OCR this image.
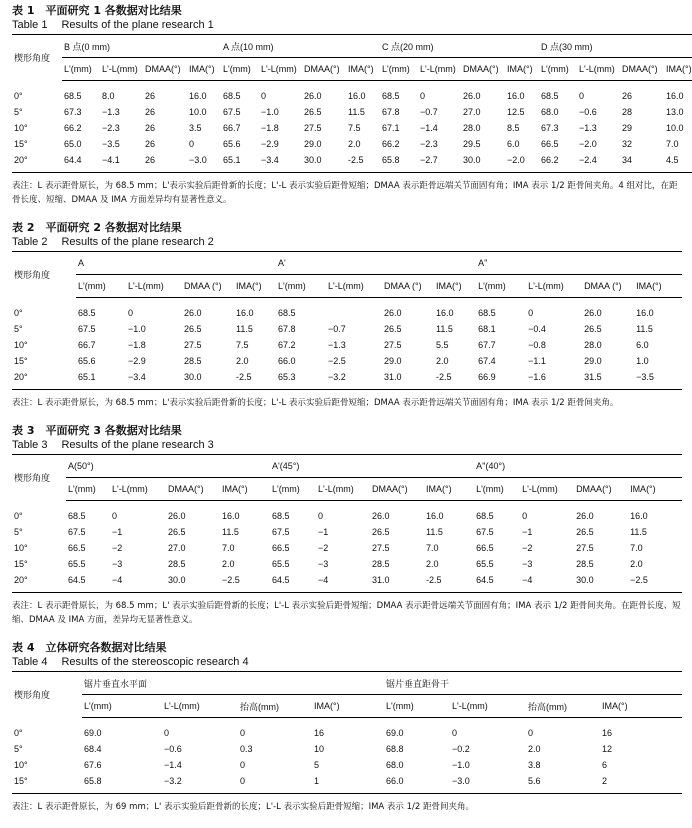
表 1　平面研究 1 各数据对比结果
Table 1 Results of the plane research 1
楔形角度	B 点(0 mm)				A 点(10 mm)				C 点(20 mm)				D 点(30 mm)			
	L'(mm)	L'-L(mm)	DMAA(°)	IMA(°)	L'(mm)	L'-L(mm)	DMAA(°)	IMA(°)	L'(mm)	L'-L(mm)	DMAA(°)	IMA(°)	L'(mm)	L'-L(mm)	DMAA(°)	IMA(°)
0°	68.5	8.0	26	16.0	68.5	0	26.0	16.0	68.5	0	26.0	16.0	68.5	0	26	16.0
5°	67.3	−1.3	26	10.0	67.5	−1.0	26.5	11.5	67.8	−0.7	27.0	12.5	68.0	−0.6	28	13.0
10°	66.2	−2.3	26	3.5	66.7	−1.8	27.5	7.5	67.1	−1.4	28.0	8.5	67.3	−1.3	29	10.0
15°	65.0	−3.5	26	0	65.6	−2.9	29.0	2.0	66.2	−2.3	29.5	6.0	66.5	−2.0	32	7.0
20°	64.4	−4.1	26	−3.0	65.1	−3.4	30.0	-2.5	65.8	−2.7	30.0	−2.0	66.2	−2.4	34	4.5
表注：L 表示距骨原长，为 68.5 mm；L'表示实验后距骨新的长度；L'-L 表示实验后距骨短缩；DMAA 表示距骨远端关节面固有角；IMA 表示 1/2 距骨间夹角。4 组对比，在距骨长度、短缩、DMAA 及 IMA 方面差异均有显著性意义。
表 2　平面研究 2 各数据对比结果
Table 2 Results of the plane research 2
楔形角度	A				A'				A''			
	L'(mm)	L'-L(mm)	DMAA (°)	IMA(°)	L'(mm)	L'-L(mm)	DMAA (°)	IMA(°)	L'(mm)	L'-L(mm)	DMAA (°)	IMA(°)
0°	68.5	0	26.0	16.0	68.5		26.0	16.0	68.5	0	26.0	16.0
5°	67.5	−1.0	26.5	11.5	67.8	−0.7	26.5	11.5	68.1	−0.4	26.5	11.5
10°	66.7	−1.8	27.5	7.5	67.2	−1.3	27.5	5.5	67.7	−0.8	28.0	6.0
15°	65.6	−2.9	28.5	2.0	66.0	−2.5	29.0	2.0	67.4	−1.1	29.0	1.0
20°	65.1	−3.4	30.0	-2.5	65.3	−3.2	31.0	-2.5	66.9	−1.6	31.5	−3.5
表注：L 表示距骨原长，为 68.5 mm；L'表示实验后距骨新的长度；L'-L 表示实验后距骨短缩；DMAA 表示距骨远端关节面固有角；IMA 表示 1/2 距骨间夹角。
表 3　平面研究 3 各数据对比结果
Table 3 Results of the plane research 3
楔形角度	A(50°)				A'(45°)				A''(40°)			
	L'(mm)	L'-L(mm)	DMAA(°)	IMA(°)	L'(mm)	L'-L(mm)	DMAA(°)	IMA(°)	L'(mm)	L'-L(mm)	DMAA(°)	IMA(°)
0°	68.5	0	26.0	16.0	68.5	0	26.0	16.0	68.5	0	26.0	16.0
5°	67.5	−1	26.5	11.5	67.5	−1	26.5	11.5	67.5	−1	26.5	11.5
10°	66.5	−2	27.0	7.0	66.5	−2	27.5	7.0	66.5	−2	27.5	7.0
15°	65.5	−3	28.5	2.0	65.5	−3	28.5	2.0	65.5	−3	28.5	2.0
20°	64.5	−4	30.0	−2.5	64.5	−4	31.0	-2.5	64.5	−4	30.0	−2.5
表注：L 表示距骨原长，为 68.5 mm；L' 表示实验后距骨新的长度；L'-L 表示实验后距骨短缩；DMAA 表示距骨远端关节面固有角；IMA 表示 1/2 距骨间夹角。在距骨长度、短缩、DMAA 及 IMA 方面，差异均无显著性意义。
表 4　立体研究各数据对比结果
Table 4 Results of the stereoscopic research 4
楔形角度	锯片垂直水平面				锯片垂直距骨干			
	L'(mm)	L'-L(mm)	抬高(mm)	IMA(°)	L'(mm)	L'-L(mm)	抬高(mm)	IMA(°)
0°	69.0	0	0	16	69.0	0	0	16
5°	68.4	−0.6	0.3	10	68.8	−0.2	2.0	12
10°	67.6	−1.4	0	5	68.0	−1.0	3.8	6
15°	65.8	−3.2	0	1	66.0	−3.0	5.6	2
表注：L 表示距骨原长，为 69 mm；L' 表示实验后距骨新的长度；L'-L 表示实验后距骨短缩；IMA 表示 1/2 距骨间夹角。
